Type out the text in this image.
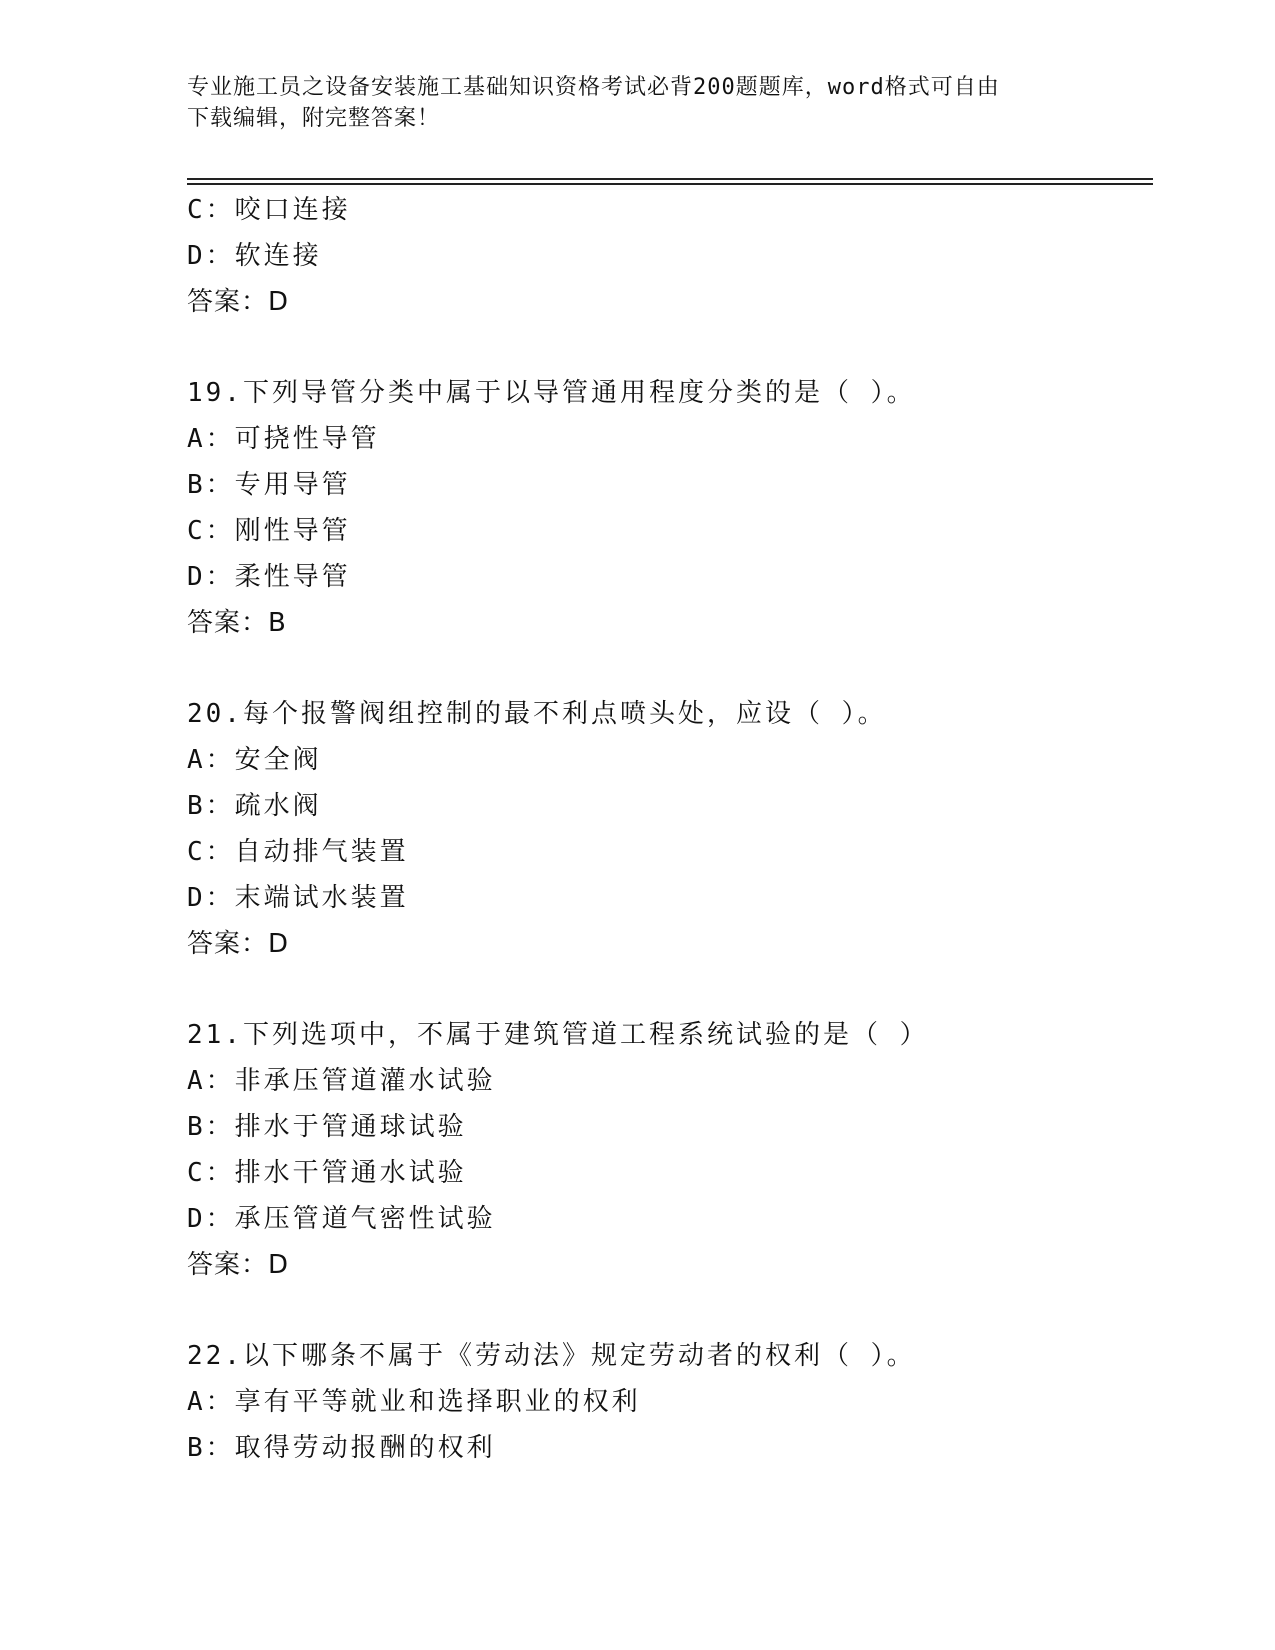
专业施工员之设备安装施工基础知识资格考试必背200题题库，word格式可自由
下载编辑，附完整答案！
C：咬口连接
D：软连接
答案：D
19.下列导管分类中属于以导管通用程度分类的是（ ）。
A：可挠性导管
B：专用导管
C：刚性导管
D：柔性导管
答案：B
20.每个报警阀组控制的最不利点喷头处，应设（ ）。
A：安全阀
B：疏水阀
C：自动排气装置
D：末端试水装置
答案：D
21.下列选项中，不属于建筑管道工程系统试验的是（ ）
A：非承压管道灌水试验
B：排水于管通球试验
C：排水干管通水试验
D：承压管道气密性试验
答案：D
22.以下哪条不属于《劳动法》规定劳动者的权利（ ）。
A：享有平等就业和选择职业的权利
B：取得劳动报酬的权利
